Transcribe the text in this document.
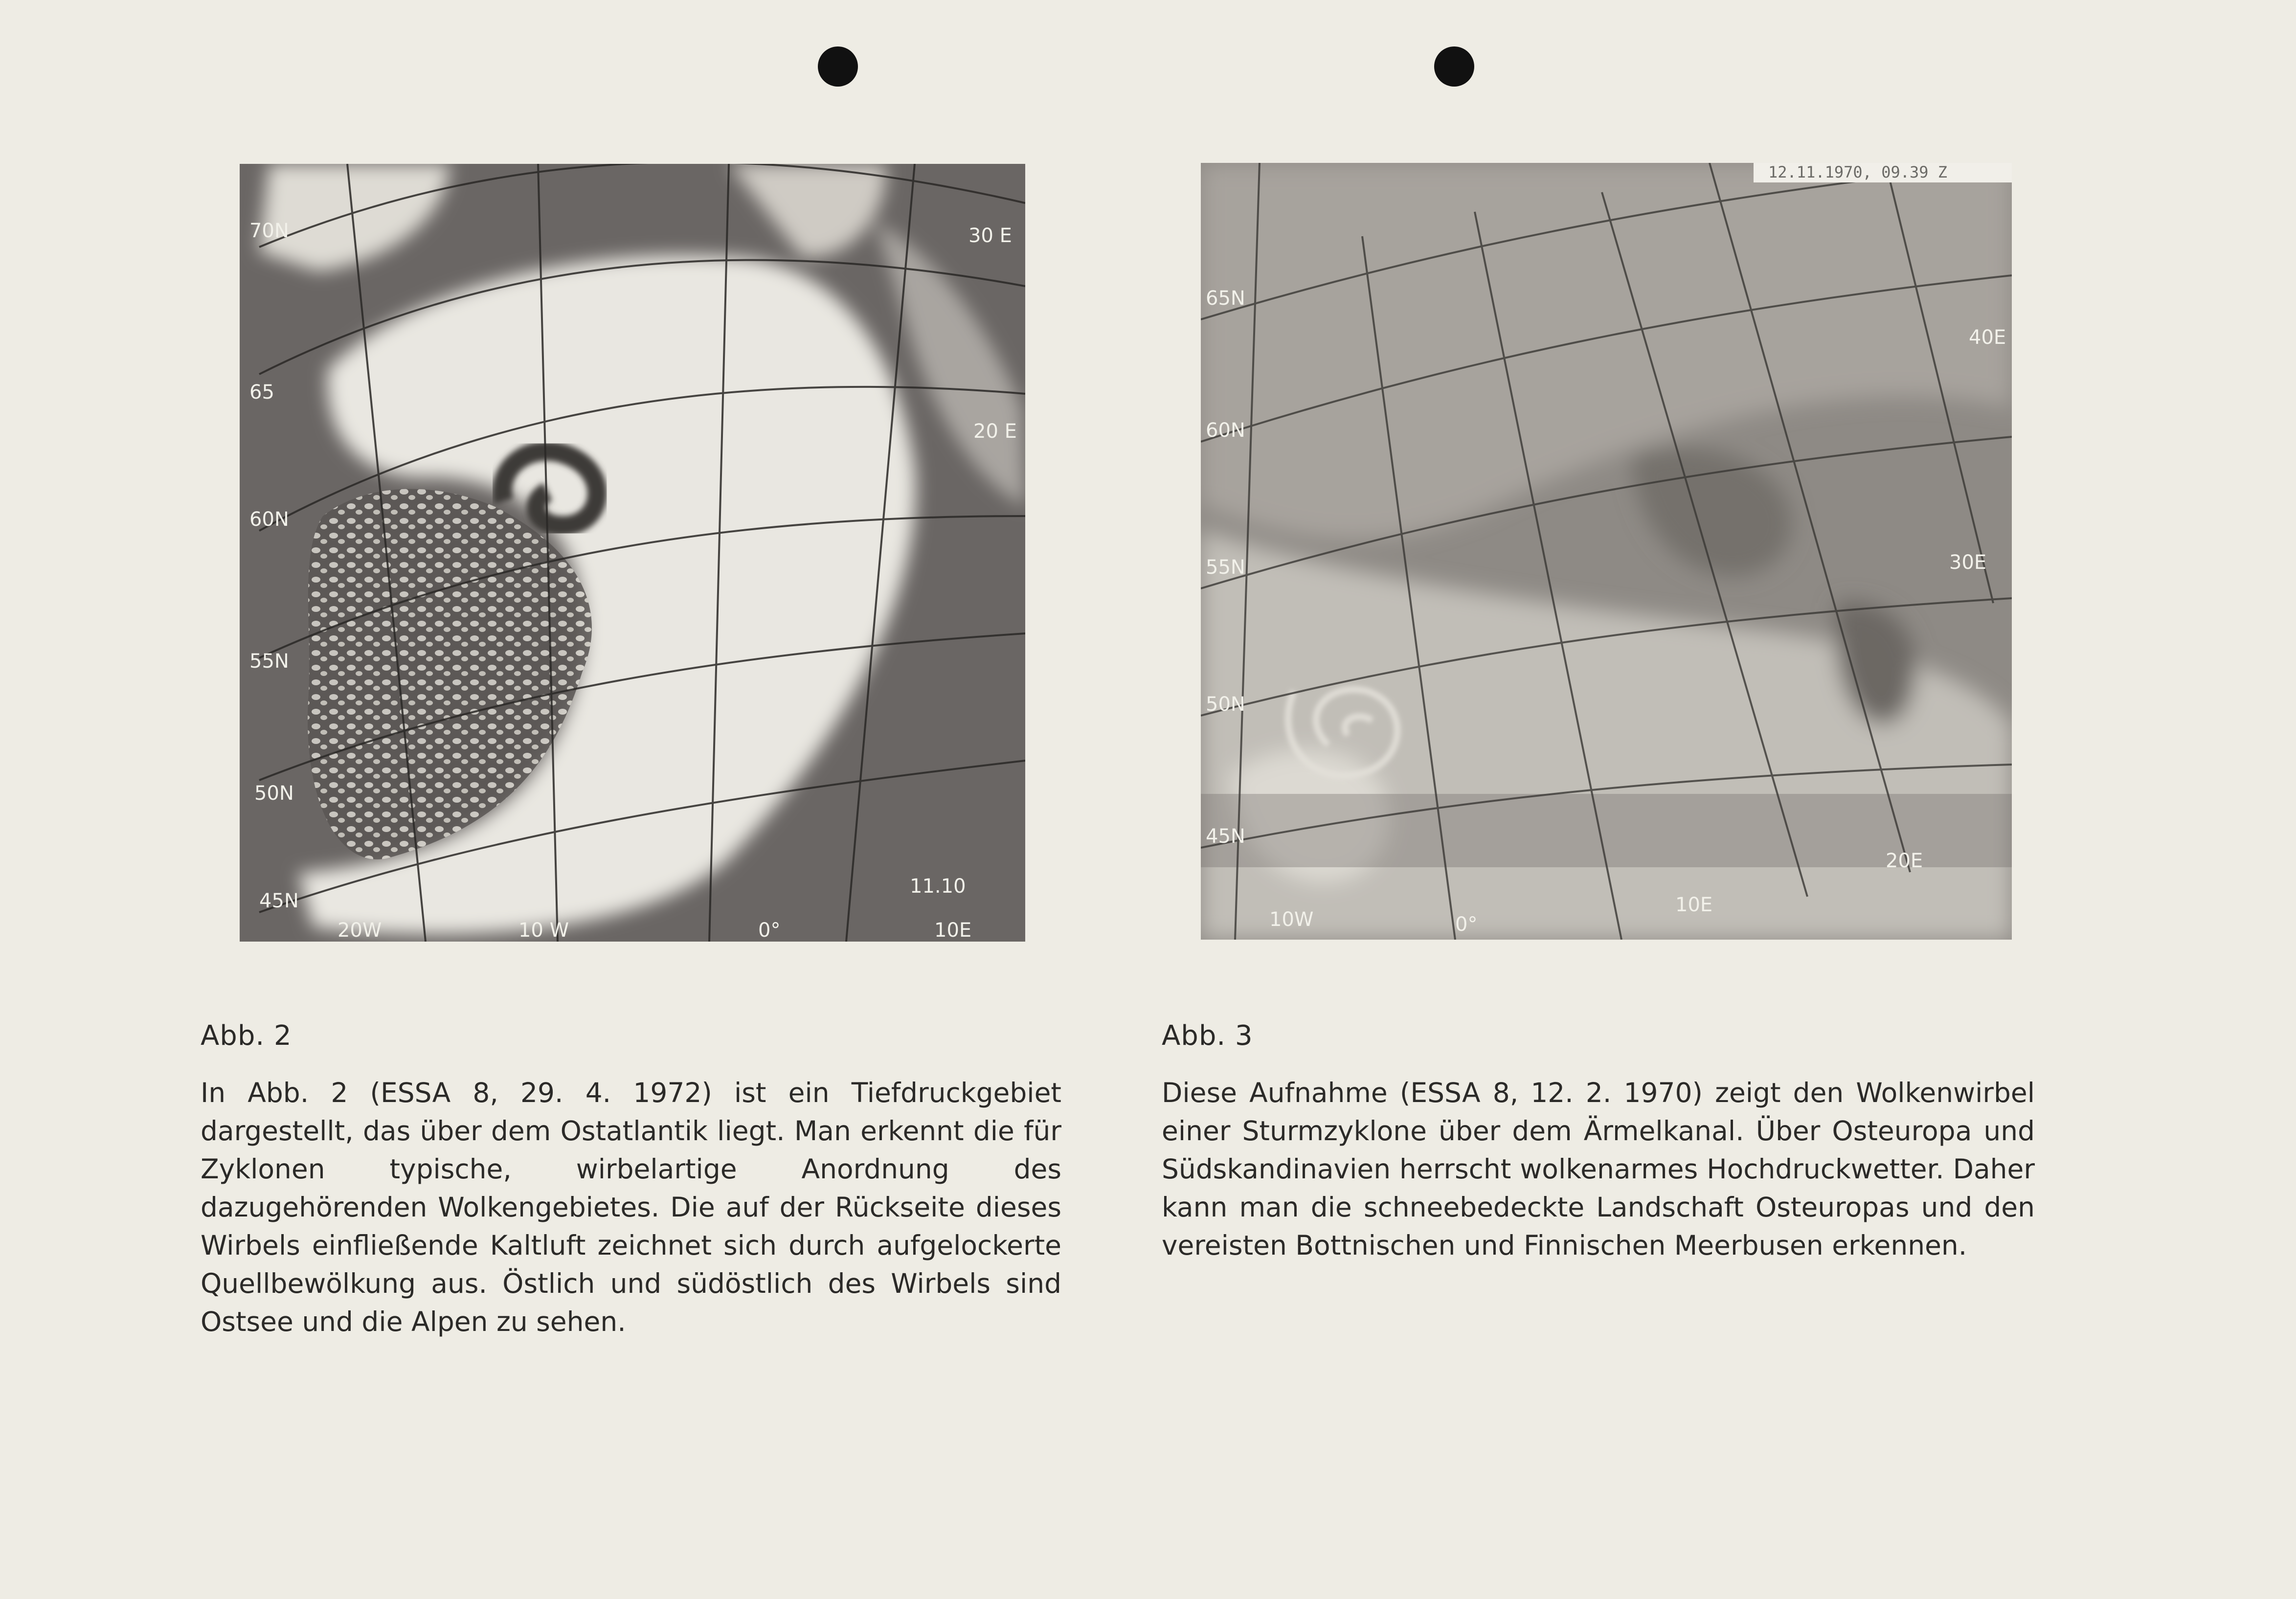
70N
65
60N
55N
50N
45N
20W	10 W	0°	10E
30 E
20 E
11.10
12.11.1970, 09.39 Z
65N
60N
55N
50N
45N
10W	0°
10E
20E
30E
40E
Abb. 2

In Abb. 2 (ESSA 8, 29. 4. 1972) ist ein Tiefdruckgebiet dargestellt, das über dem Ostatlantik liegt. Man erkennt die für Zyklonen typische, wirbelartige Anordnung des dazugehörenden Wolkengebietes. Die auf der Rückseite dieses Wirbels einfließende Kaltluft zeichnet sich durch aufgelockerte Quellbewölkung aus. Östlich und südöstlich des Wirbels sind Ostsee und die Alpen zu sehen.

Abb. 3

Diese Aufnahme (ESSA 8, 12. 2. 1970) zeigt den Wolkenwirbel einer Sturmzyklone über dem Ärmelkanal. Über Osteuropa und Südskandinavien herrscht wolkenarmes Hochdruckwetter. Daher kann man die schneebedeckte Landschaft Osteuropas und den vereisten Bottnischen und Finnischen Meerbusen erkennen.
